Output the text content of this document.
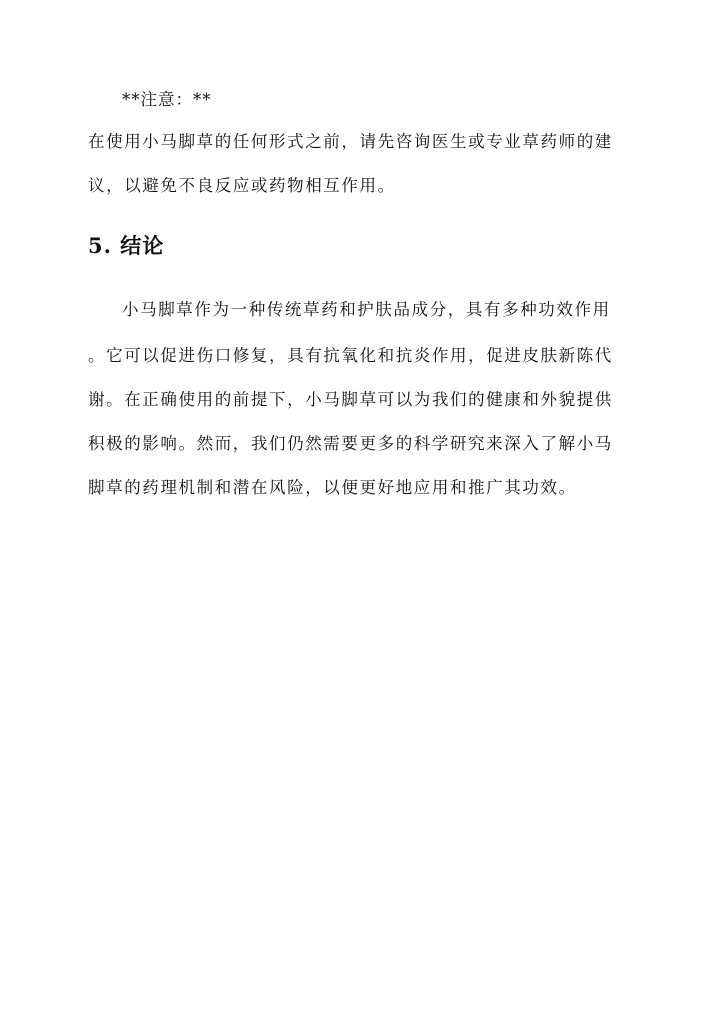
**注意：**
在使用小马脚草的任何形式之前，请先咨询医生或专业草药师的建
议，以避免不良反应或药物相互作用。
5. 结论
小马脚草作为一种传统草药和护肤品成分，具有多种功效作用
。它可以促进伤口修复，具有抗氧化和抗炎作用，促进皮肤新陈代
谢。在正确使用的前提下，小马脚草可以为我们的健康和外貌提供
积极的影响。然而，我们仍然需要更多的科学研究来深入了解小马
脚草的药理机制和潜在风险，以便更好地应用和推广其功效。
